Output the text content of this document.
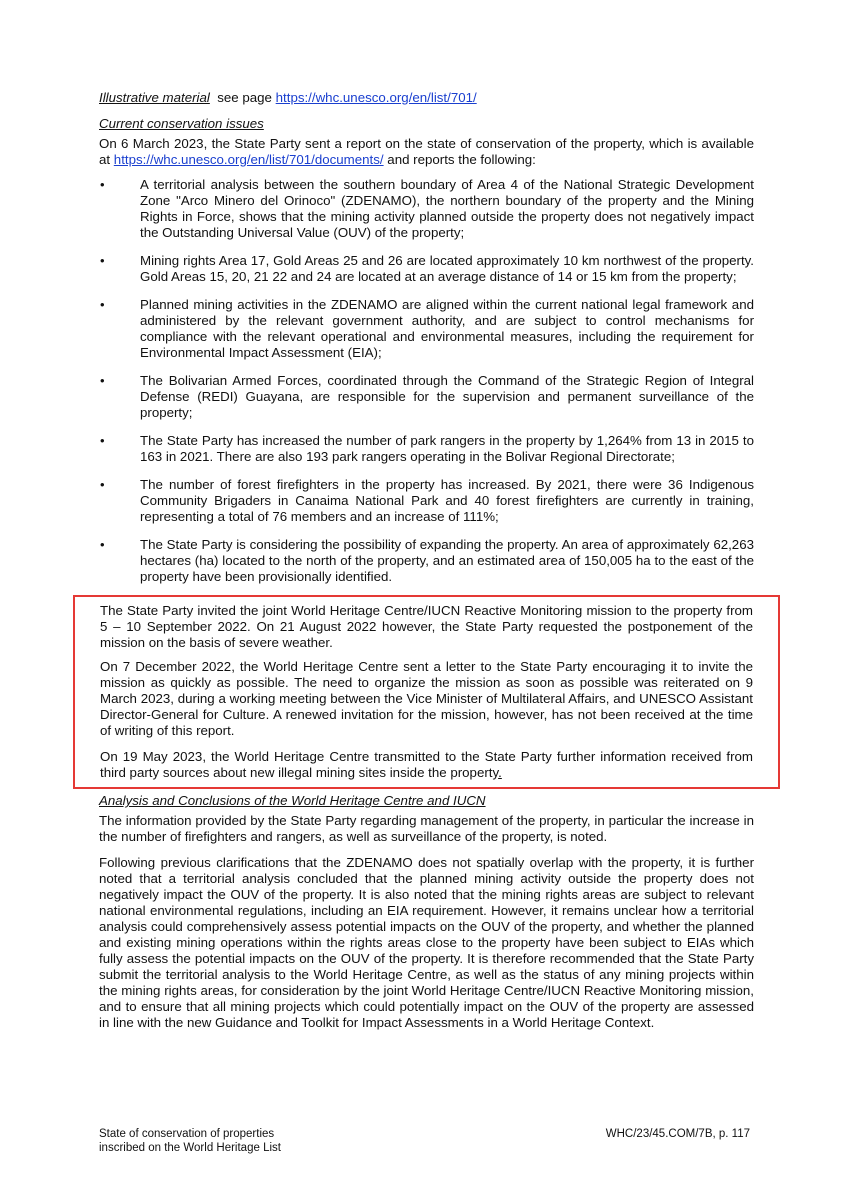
Illustrative material see page https://whc.unesco.org/en/list/701/

Current conservation issues

On 6 March 2023, the State Party sent a report on the state of conservation of the property, which is available at https://whc.unesco.org/en/list/701/documents/ and reports the following:

•	A territorial analysis between the southern boundary of Area 4 of the National Strategic Development Zone "Arco Minero del Orinoco" (ZDENAMO), the northern boundary of the property and the Mining Rights in Force, shows that the mining activity planned outside the property does not negatively impact the Outstanding Universal Value (OUV) of the property;
•	Mining rights Area 17, Gold Areas 25 and 26 are located approximately 10 km northwest of the property. Gold Areas 15, 20, 21 22 and 24 are located at an average distance of 14 or 15 km from the property;
•	Planned mining activities in the ZDENAMO are aligned within the current national legal framework and administered by the relevant government authority, and are subject to control mechanisms for compliance with the relevant operational and environmental measures, including the requirement for Environmental Impact Assessment (EIA);
•	The Bolivarian Armed Forces, coordinated through the Command of the Strategic Region of Integral Defense (REDI) Guayana, are responsible for the supervision and permanent surveillance of the property;
•	The State Party has increased the number of park rangers in the property by 1,264% from 13 in 2015 to 163 in 2021. There are also 193 park rangers operating in the Bolivar Regional Directorate;
•	The number of forest firefighters in the property has increased. By 2021, there were 36 Indigenous Community Brigaders in Canaima National Park and 40 forest firefighters are currently in training, representing a total of 76 members and an increase of 111%;
•	The State Party is considering the possibility of expanding the property. An area of approximately 62,263 hectares (ha) located to the north of the property, and an estimated area of 150,005 ha to the east of the property have been provisionally identified.

The State Party invited the joint World Heritage Centre/IUCN Reactive Monitoring mission to the property from 5 – 10 September 2022. On 21 August 2022 however, the State Party requested the postponement of the mission on the basis of severe weather.

On 7 December 2022, the World Heritage Centre sent a letter to the State Party encouraging it to invite the mission as quickly as possible. The need to organize the mission as soon as possible was reiterated on 9 March 2023, during a working meeting between the Vice Minister of Multilateral Affairs, and UNESCO Assistant Director-General for Culture. A renewed invitation for the mission, however, has not been received at the time of writing of this report.

On 19 May 2023, the World Heritage Centre transmitted to the State Party further information received from third party sources about new illegal mining sites inside the property.

Analysis and Conclusions of the World Heritage Centre and IUCN

The information provided by the State Party regarding management of the property, in particular the increase in the number of firefighters and rangers, as well as surveillance of the property, is noted.

Following previous clarifications that the ZDENAMO does not spatially overlap with the property, it is further noted that a territorial analysis concluded that the planned mining activity outside the property does not negatively impact the OUV of the property. It is also noted that the mining rights areas are subject to relevant national environmental regulations, including an EIA requirement. However, it remains unclear how a territorial analysis could comprehensively assess potential impacts on the OUV of the property, and whether the planned and existing mining operations within the rights areas close to the property have been subject to EIAs which fully assess the potential impacts on the OUV of the property. It is therefore recommended that the State Party submit the territorial analysis to the World Heritage Centre, as well as the status of any mining projects within the mining rights areas, for consideration by the joint World Heritage Centre/IUCN Reactive Monitoring mission, and to ensure that all mining projects which could potentially impact on the OUV of the property are assessed in line with the new Guidance and Toolkit for Impact Assessments in a World Heritage Context.

State of conservation of properties
inscribed on the World Heritage List
WHC/23/45.COM/7B, p. 117
